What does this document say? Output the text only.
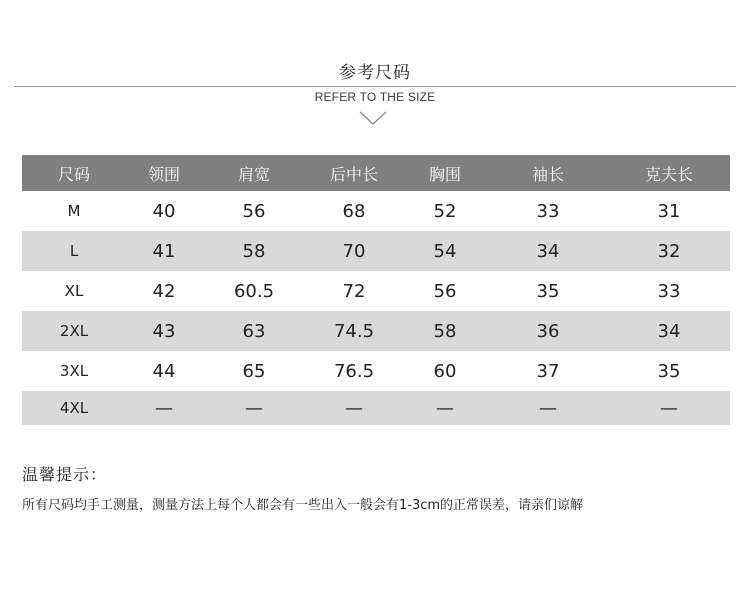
参考尺码
REFER TO THE SIZE
尺码	领围	肩宽	后中长	胸围	袖长	克夫长
M	40	56	68	52	33	31
L	41	58	70	54	34	32
XL	42	60.5	72	56	35	33
2XL	43	63	74.5	58	36	34
3XL	44	65	76.5	60	37	35
4XL	—	—	—	—	—	—
温馨提示：
所有尺码均手工测量，测量方法上每个人都会有一些出入一般会有1-3cm的正常误差，请亲们谅解
